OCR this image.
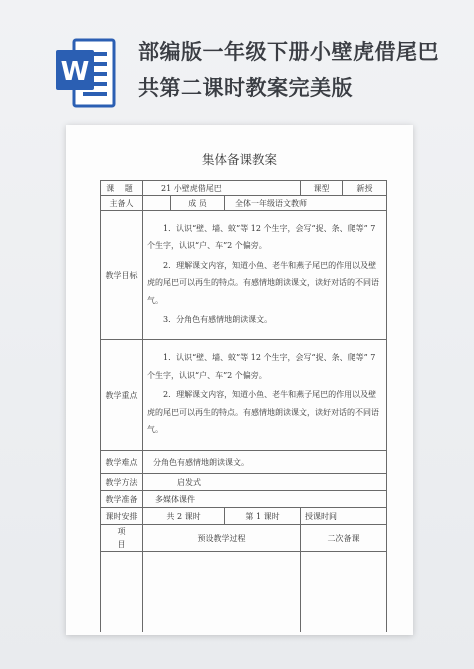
W
部编版一年级下册小壁虎借尾巴共第二课时教案完美版
集体备课教案
课 题	21 小壁虎借尾巴			课型	新授
主备人		成 员	全体一年级语文教师		
教学目标	1．认识“壁、墙、蚊”等 12 个生字，会写“捉、条、爬等” 7 个生字，认识“户、车”2 个偏旁。

2．理解课文内容，知道小鱼、老牛和燕子尾巴的作用以及壁虎的尾巴可以再生的特点。有感情地朗读课文，读好对话的不同语气。

3．分角色有感情地朗读课文。				

教学重点	1．认识“壁、墙、蚊”等 12 个生字，会写“捉、条、爬等” 7 个生字，认识“户、车”2 个偏旁。

2．理解课文内容，知道小鱼、老牛和燕子尾巴的作用以及壁虎的尾巴可以再生的特点。有感情地朗读课文，读好对话的不同语气。				

教学难点	分角色有感情地朗读课文。				
教学方法	启发式				
教学准备	多媒体课件				
课时安排	共 2 课时		第 1 课时	授课时间	
项目	预设教学过程			二次备课	
